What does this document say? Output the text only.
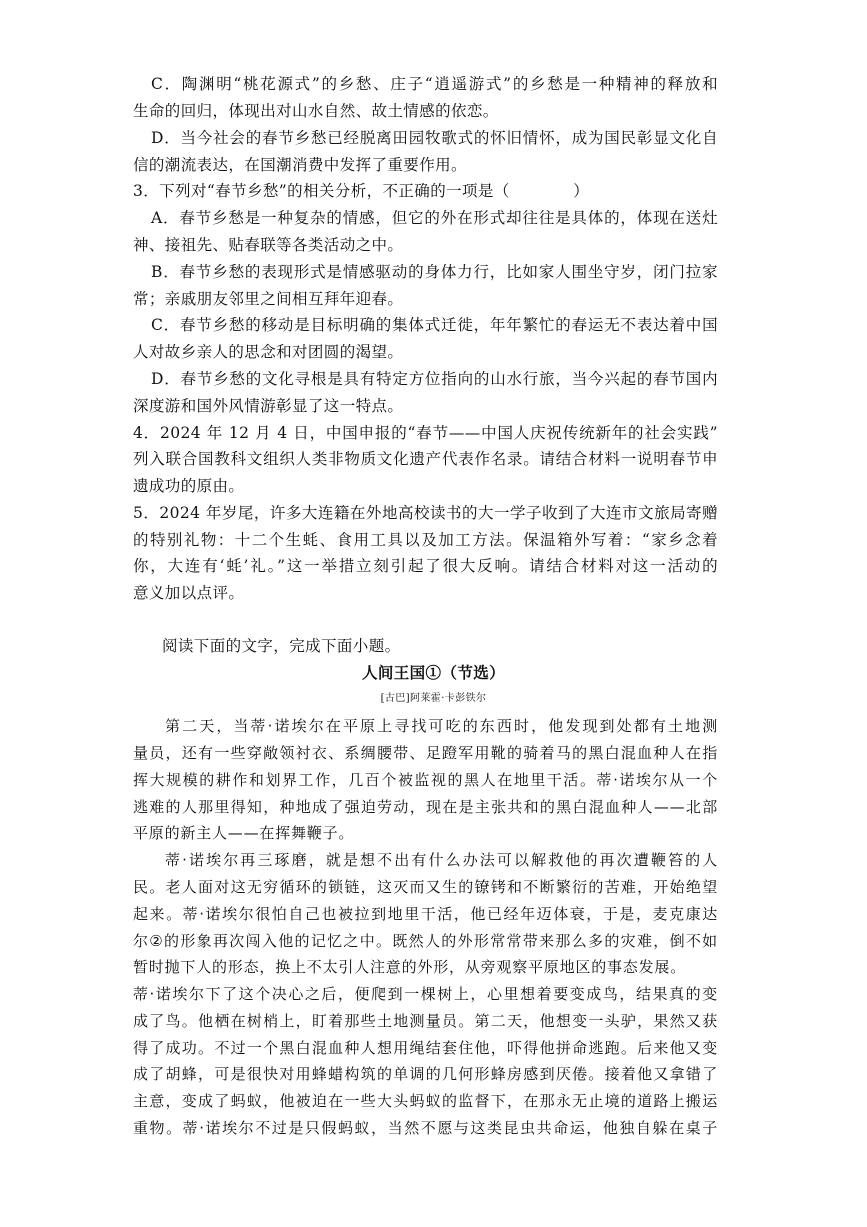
C．陶渊明“桃花源式”的乡愁、庄子“逍遥游式”的乡愁是一种精神的释放和
生命的回归，体现出对山水自然、故土情感的依恋。
D．当今社会的春节乡愁已经脱离田园牧歌式的怀旧情怀，成为国民彰显文化自
信的潮流表达，在国潮消费中发挥了重要作用。
3．下列对“春节乡愁”的相关分析，不正确的一项是（　　　　）
A．春节乡愁是一种复杂的情感，但它的外在形式却往往是具体的，体现在送灶
神、接祖先、贴春联等各类活动之中。
B．春节乡愁的表现形式是情感驱动的身体力行，比如家人围坐守岁，闭门拉家
常；亲戚朋友邻里之间相互拜年迎春。
C．春节乡愁的移动是目标明确的集体式迁徙，年年繁忙的春运无不表达着中国
人对故乡亲人的思念和对团圆的渴望。
D．春节乡愁的文化寻根是具有特定方位指向的山水行旅，当今兴起的春节国内
深度游和国外风情游彰显了这一特点。
4．2024 年 12 月 4 日，中国申报的“春节——中国人庆祝传统新年的社会实践”
列入联合国教科文组织人类非物质文化遗产代表作名录。请结合材料一说明春节申
遗成功的原由。
5．2024 年岁尾，许多大连籍在外地高校读书的大一学子收到了大连市文旅局寄赠
的特别礼物：十二个生蚝、食用工具以及加工方法。保温箱外写着：“家乡念着
你，大连有‘蚝’礼。”这一举措立刻引起了很大反响。请结合材料对这一活动的
意义加以点评。
阅读下面的文字，完成下面小题。
人间王国①（节选）
[古巴]阿莱霍·卡彭铁尔
第二天，当蒂·诺埃尔在平原上寻找可吃的东西时，他发现到处都有土地测
量员，还有一些穿敞领衬衣、系绸腰带、足蹬军用靴的骑着马的黑白混血种人在指
挥大规模的耕作和划界工作，几百个被监视的黑人在地里干活。蒂·诺埃尔从一个
逃难的人那里得知，种地成了强迫劳动，现在是主张共和的黑白混血种人——北部
平原的新主人——在挥舞鞭子。
蒂·诺埃尔再三琢磨，就是想不出有什么办法可以解救他的再次遭鞭笞的人
民。老人面对这无穷循环的锁链，这灭而又生的镣铐和不断繁衍的苦难，开始绝望
起来。蒂·诺埃尔很怕自己也被拉到地里干活，他已经年迈体衰，于是，麦克康达
尔②的形象再次闯入他的记忆之中。既然人的外形常常带来那么多的灾难，倒不如
暂时抛下人的形态，换上不太引人注意的外形，从旁观察平原地区的事态发展。
蒂·诺埃尔下了这个决心之后，便爬到一棵树上，心里想着要变成鸟，结果真的变
成了鸟。他栖在树梢上，盯着那些土地测量员。第二天，他想变一头驴，果然又获
得了成功。不过一个黑白混血种人想用绳结套住他，吓得他拼命逃跑。后来他又变
成了胡蜂，可是很快对用蜂蜡构筑的单调的几何形蜂房感到厌倦。接着他又拿错了
主意，变成了蚂蚁，他被迫在一些大头蚂蚁的监督下，在那永无止境的道路上搬运
重物。蒂·诺埃尔不过是只假蚂蚁，当然不愿与这类昆虫共命运，他独自躲在桌子
